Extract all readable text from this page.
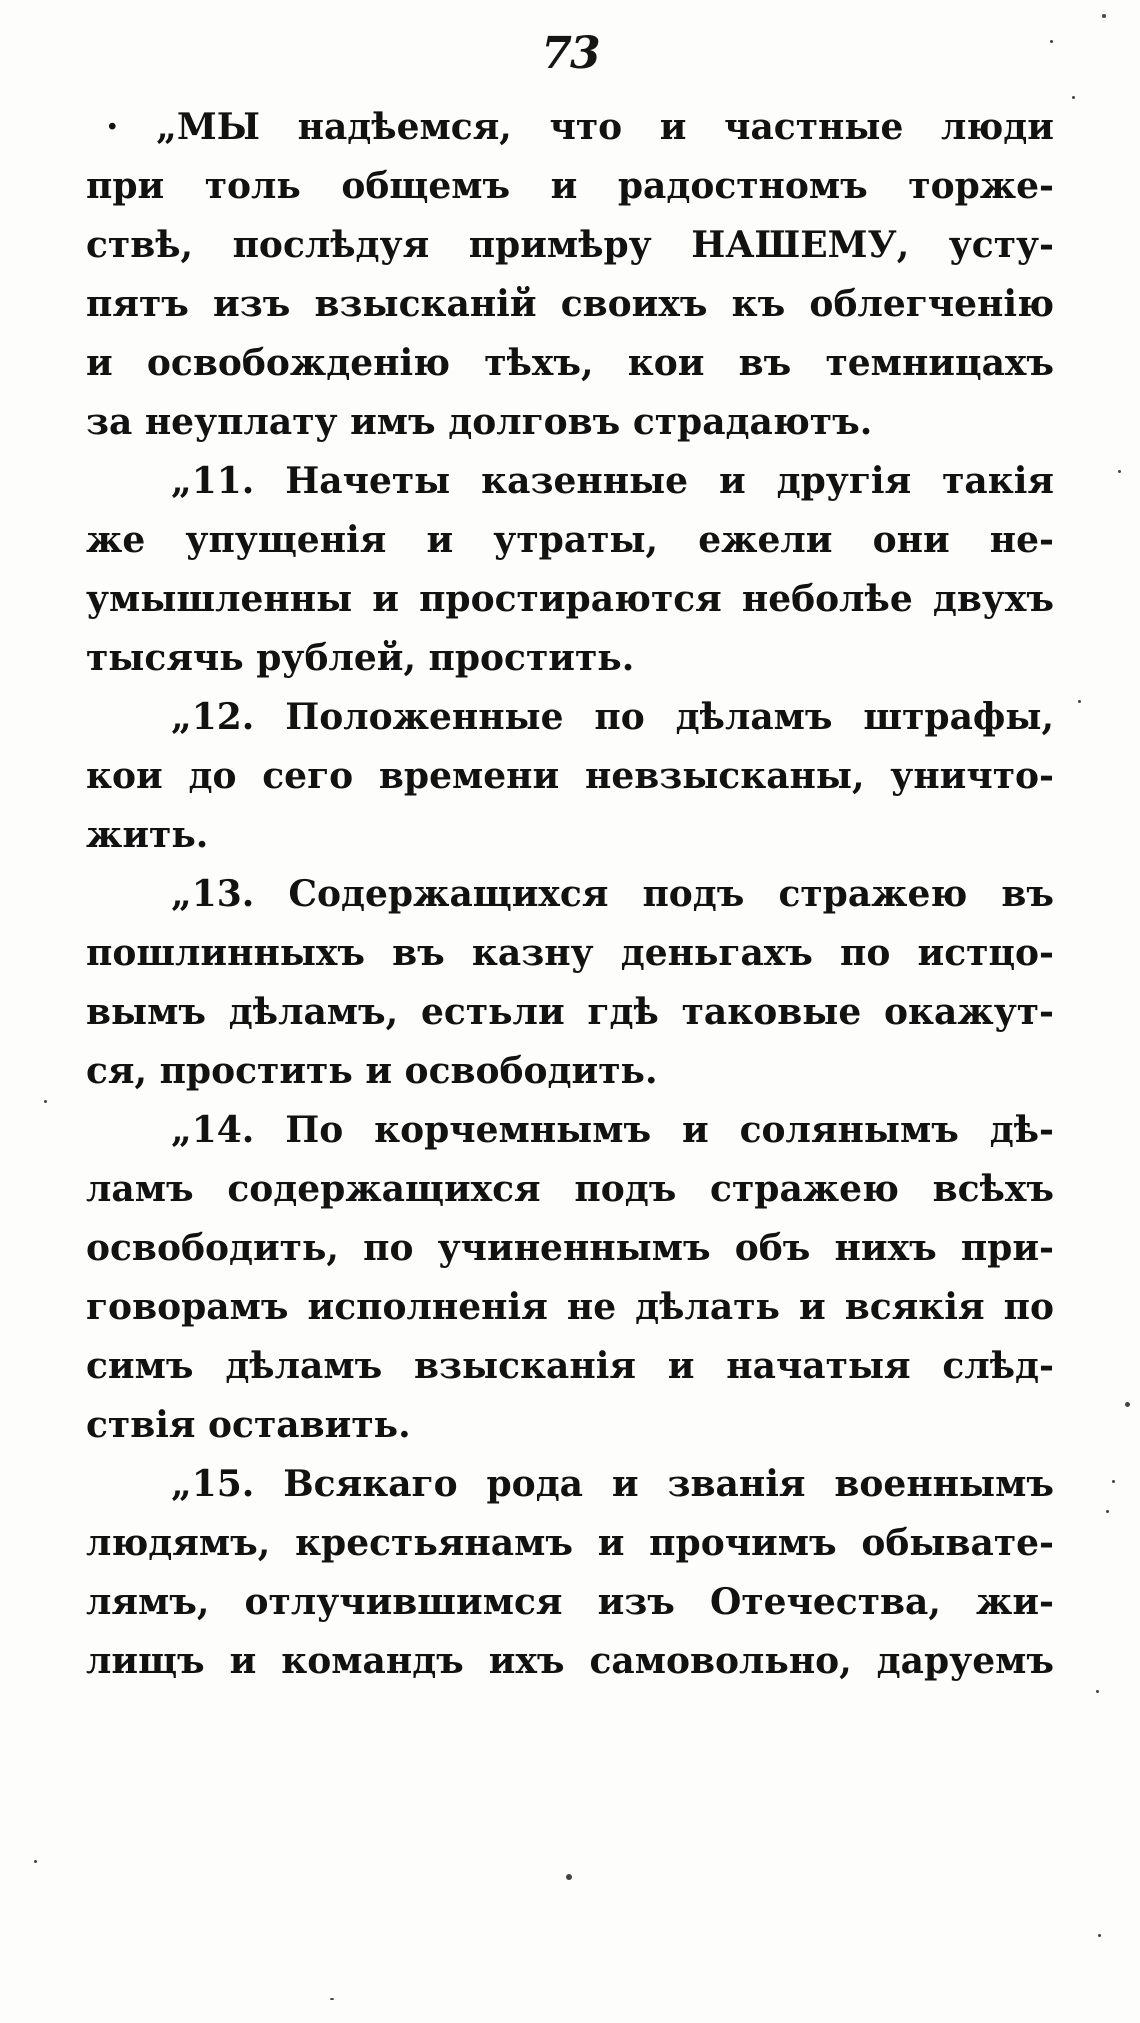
73
· „МЫ надѣемся, что и частные люди
при толь общемъ и радостномъ торже-
ствѣ, послѣдуя примѣру НАШЕМУ, усту-
пятъ изъ взысканій своихъ къ облегченію
и освобожденію тѣхъ, кои въ темницахъ
за неуплату имъ долговъ страдаютъ.
„11. Начеты казенные и другія такія
же упущенія и утраты, ежели они не-
умышленны и простираются неболѣе двухъ
тысячь рублей, простить.
„12. Положенные по дѣламъ штрафы,
кои до сего времени невзысканы, уничто-
жить.
„13. Содержащихся подъ стражею въ
пошлинныхъ въ казну деньгахъ по истцо-
вымъ дѣламъ, естьли гдѣ таковые окажут-
ся, простить и освободить.
„14. По корчемнымъ и солянымъ дѣ-
ламъ содержащихся подъ стражею всѣхъ
освободить, по учиненнымъ объ нихъ при-
говорамъ исполненія не дѣлать и всякія по
симъ дѣламъ взысканія и начатыя слѣд-
ствія оставить.
„15. Всякаго рода и званія военнымъ
людямъ, крестьянамъ и прочимъ обывате-
лямъ, отлучившимся изъ Отечества, жи-
лищъ и командъ ихъ самовольно, даруемъ
